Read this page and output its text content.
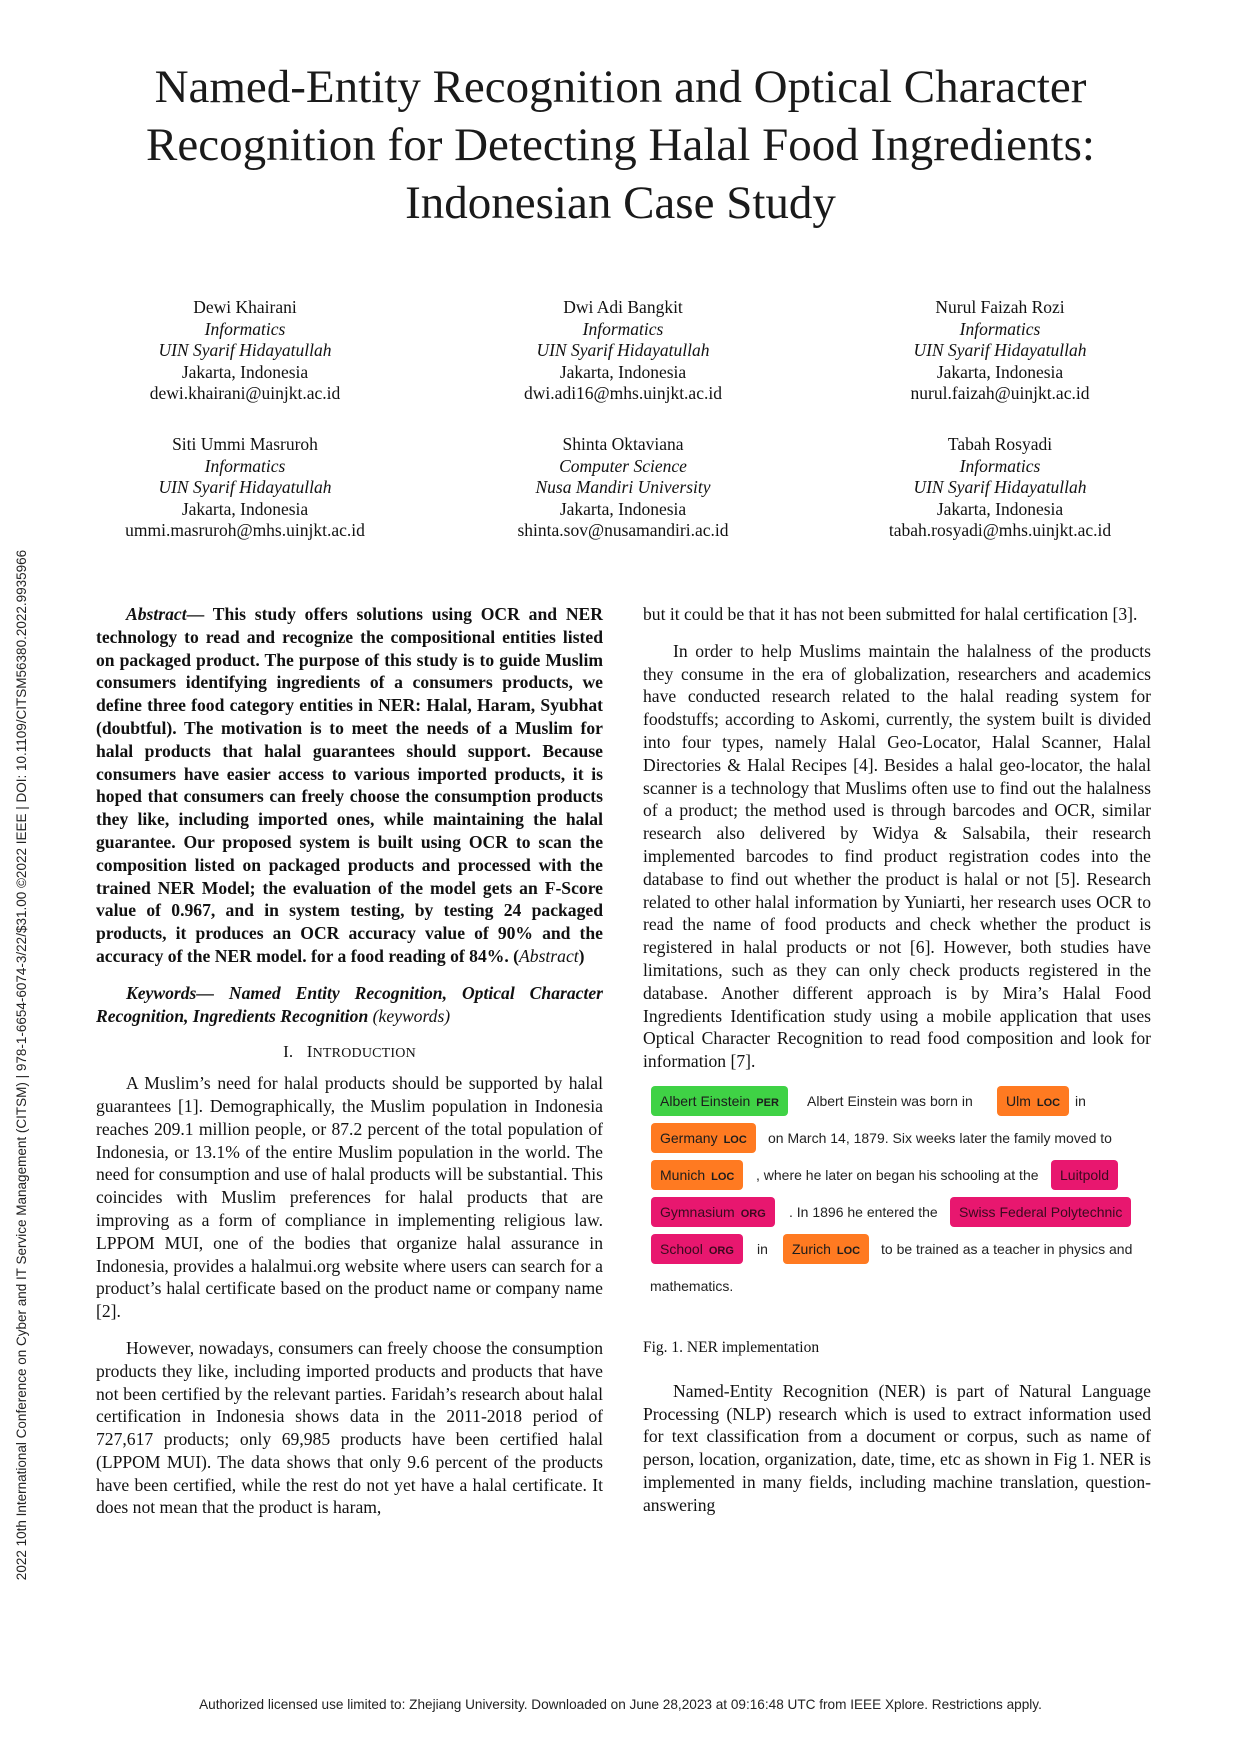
Named-Entity Recognition and Optical Character
Recognition for Detecting Halal Food Ingredients:
Indonesian Case Study
Dewi Khairani
Informatics
UIN Syarif Hidayatullah
Jakarta, Indonesia
dewi.khairani@uinjkt.ac.id
Dwi Adi Bangkit
Informatics
UIN Syarif Hidayatullah
Jakarta, Indonesia
dwi.adi16@mhs.uinjkt.ac.id
Nurul Faizah Rozi
Informatics
UIN Syarif Hidayatullah
Jakarta, Indonesia
nurul.faizah@uinjkt.ac.id
Siti Ummi Masruroh
Informatics
UIN Syarif Hidayatullah
Jakarta, Indonesia
ummi.masruroh@mhs.uinjkt.ac.id
Shinta Oktaviana
Computer Science
Nusa Mandiri University
Jakarta, Indonesia
shinta.sov@nusamandiri.ac.id
Tabah Rosyadi
Informatics
UIN Syarif Hidayatullah
Jakarta, Indonesia
tabah.rosyadi@mhs.uinjkt.ac.id
2022 10th International Conference on Cyber and IT Service Management (CITSM) | 978-1-6654-6074-3/22/$31.00 ©2022 IEEE | DOI: 10.1109/CITSM56380.2022.9935966	Abstract— This study offers solutions using OCR and NER technology to read and recognize the compositional entities listed on packaged product. The purpose of this study is to guide Muslim consumers identifying ingredients of a consumers products, we define three food category entities in NER: Halal, Haram, Syubhat (doubtful). The motivation is to meet the needs of a Muslim for halal products that halal guarantees should support. Because consumers have easier access to various imported products, it is hoped that consumers can freely choose the consumption products they like, including imported ones, while maintaining the halal guarantee. Our proposed system is built using OCR to scan the composition listed on packaged products and processed with the trained NER Model; the evaluation of the model gets an F-Score value of 0.967, and in system testing, by testing 24 packaged products, it produces an OCR accuracy value of 90% and the accuracy of the NER model. for a food reading of 84%. (Abstract)

Keywords— Named Entity Recognition, Optical Character Recognition, Ingredients Recognition (keywords)

I. INTRODUCTION

A Muslim’s need for halal products should be supported by halal guarantees [1]. Demographically, the Muslim population in Indonesia reaches 209.1 million people, or 87.2 percent of the total population of Indonesia, or 13.1% of the entire Muslim population in the world. The need for consumption and use of halal products will be substantial. This coincides with Muslim preferences for halal products that are improving as a form of compliance in implementing religious law. LPPOM MUI, one of the bodies that organize halal assurance in Indonesia, provides a halalmui.org website where users can search for a product’s halal certificate based on the product name or company name [2].

However, nowadays, consumers can freely choose the consumption products they like, including imported products and products that have not been certified by the relevant parties. Faridah’s research about halal certification in Indonesia shows data in the 2011-2018 period of 727,617 products; only 69,985 products have been certified halal (LPPOM MUI). The data shows that only 9.6 percent of the products have been certified, while the rest do not yet have a halal certificate. It does not mean that the product is haram,

but it could be that it has not been submitted for halal certification [3].

In order to help Muslims maintain the halalness of the products they consume in the era of globalization, researchers and academics have conducted research related to the halal reading system for foodstuffs; according to Askomi, currently, the system built is divided into four types, namely Halal Geo-Locator, Halal Scanner, Halal Directories & Halal Recipes [4]. Besides a halal geo-locator, the halal scanner is a technology that Muslims often use to find out the halalness of a product; the method used is through barcodes and OCR, similar research also delivered by Widya & Salsabila, their research implemented barcodes to find product registration codes into the database to find out whether the product is halal or not [5]. Research related to other halal information by Yuniarti, her research uses OCR to read the name of food products and check whether the product is registered in halal products or not [6]. However, both studies have limitations, such as they can only check products registered in the database. Another different approach is by Mira’s Halal Food Ingredients Identification study using a mobile application that uses Optical Character Recognition to read food composition and look for information [7].

Albert Einstein PER	Albert Einstein was born in	Ulm LOC	in
Germany LOC	on March 14, 1879. Six weeks later the family moved to
Munich LOC	, where he later on began his schooling at the	Luitpold
Gymnasium ORG	. In 1896 he entered the	Swiss Federal Polytechnic
School ORG	in	Zurich LOC	to be trained as a teacher in physics and
mathematics.
Fig. 1. NER implementation

Named-Entity Recognition (NER) is part of Natural Language Processing (NLP) research which is used to extract information used for text classification from a document or corpus, such as name of person, location, organization, date, time, etc as shown in Fig 1. NER is implemented in many fields, including machine translation, question-answering

Authorized licensed use limited to: Zhejiang University. Downloaded on June 28,2023 at 09:16:48 UTC from IEEE Xplore. Restrictions apply.
